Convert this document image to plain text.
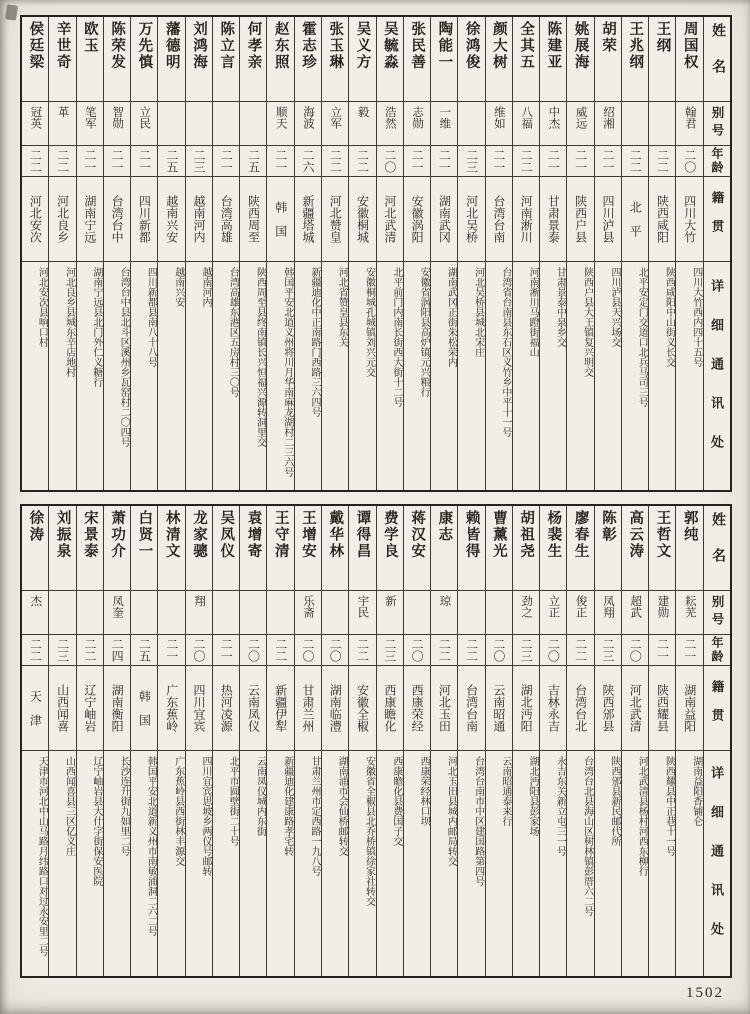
姓名
别号
年龄
籍贯
详细通讯处
周国权
翰君
二〇
四川大竹
四川大竹西内四十五号
王纲
二二
陕西咸阳
陕西咸阳中山街义长交
王兆纲
二二
北　平
北平安定门交道口北兵马司三号
胡荣
绍湘
二一
四川泸县
四川泸县天兴场交
姚展海
威远
二一
陕西户县
陕西户县大王镇复兴明交
陈建亚
中杰
二一
甘肃景泰
甘肃景泰中泉乡交
全其五
八福
二二
河南淅川
河南淅川马蹬街福山
颜大树
维如
二一
台湾台南
台湾省台南县东石区义竹乡中平十一号
徐鸿俊
二三
河北吴桥
河北吴桥县城北宋庄
陶能一
一维
二一
湖南武冈
湖南武冈正街朱松荣内
张民善
志勋
二一
安徽涡阳
安徽省涡阳县高炉镇元兴粮行
吴毓淼
浩然
二〇
河北武清
北平前门内南长街西大街十二号
吴义方
毅
二二
安徽桐城
安徽桐城孔城镇刘兴元交
张玉琳
立军
二二
河北赞皇
河北省赞皇县东关
霍志珍
海波
二六
新疆塔城
新疆迪化中正南路门西路三六四号
赵东照
顺天
二一
韩　国
韩国平安北道义州将川月华南麻龙湖村二三六号
何孝亲
二五
陕西周至
陕西周至县终南镇长兴恒福兴源转洞里交
陈立言
二一
台湾高雄
台湾高雄东港区五房村三〇号
刘鸿海
二三
越南河内
越南河内
藩德明
二五
越南兴安
越南兴安
万先慎
立民
二一
四川新都
四川新都县南八十八号
陈荣发
智勋
二一
台湾台中
台湾台中县北斗区溪州乡瓦窑村二〇四号
欧玉
笔军
二一
湖南宁远
湖南宁远县北门外仁义糖行
辛世奇
革
二二
河北良乡
河北良乡县城东辛店地村
侯廷梁
冠英
二二
河北安次
河北安次县响口村
姓名
别号
年龄
籍贯
详细通讯处
郭纯
耘芜
二一
湖南益阳
湖南益阳香铺仑
王哲文
建勋
二一
陕西耀县
陕西耀县中正巷十一号
高云涛
超武
二〇
河北武清
河北武清县杨村河西东柳行
陈彰
凤翔
二三
陕西邠县
陕西邠县新民邮代所
廖春生
俊正
二二
台湾台北
台湾台北县海山区树林镇彭厝六二号
杨裴生
立正
二〇
吉林永吉
永吉东关新立屯三一号
胡祖尧
劲之
二三
湖北沔阳
湖北沔阳县彭家场
曹薰光
二〇
云南昭通
云南昭通泰来行
赖皆得
二二
台湾台南
台湾台南市中区建国路第四号
康志
琼
二二
河北玉田
河北玉田县城内邮局转交
蒋汉安
二〇
西康荣经
西康荣经林口坝
费学良
新
二三
西康瞻化
西康瞻化县费国子交
谭得昌
宇民
二二
安徽全椒
安徽省全椒县北乔桥镇徐家社转交
戴华林
二〇
湖南临澧
湖南浦市会仙桥邮转交
王增安
乐斋
二〇
甘肃兰州
甘肃兰州市定西路一九八号
王守清
二二
新疆伊犁
新疆迪化建康路孝宅转
袁增寄
二〇
云南凤仪
云南凤仪城内东街
吴凤仪
二一
热河凌源
北平市圆壁街二十号
龙家骢
翔
二〇
四川宜宾
四川宜宾思坡乡两仪号邮转
林清文
二一
广东蕉岭
广东蕉岭县西街林丰源交
白贤一
二五
韩　国
韩国平安北道新义州市南敏浦洞二六二号
萧功介
凤奎
二四
湖南衡阳
长沙连升街九如里二号
宋景泰
二二
辽宁岫岩
辽宁岫岩县大什字街保安医院
刘振泉
二三
山西闻喜
山西闻喜县三区亿义庄
徐涛
杰
二二
天　津
天津市河北中山马路月纬路口对过永安里二号
1502
